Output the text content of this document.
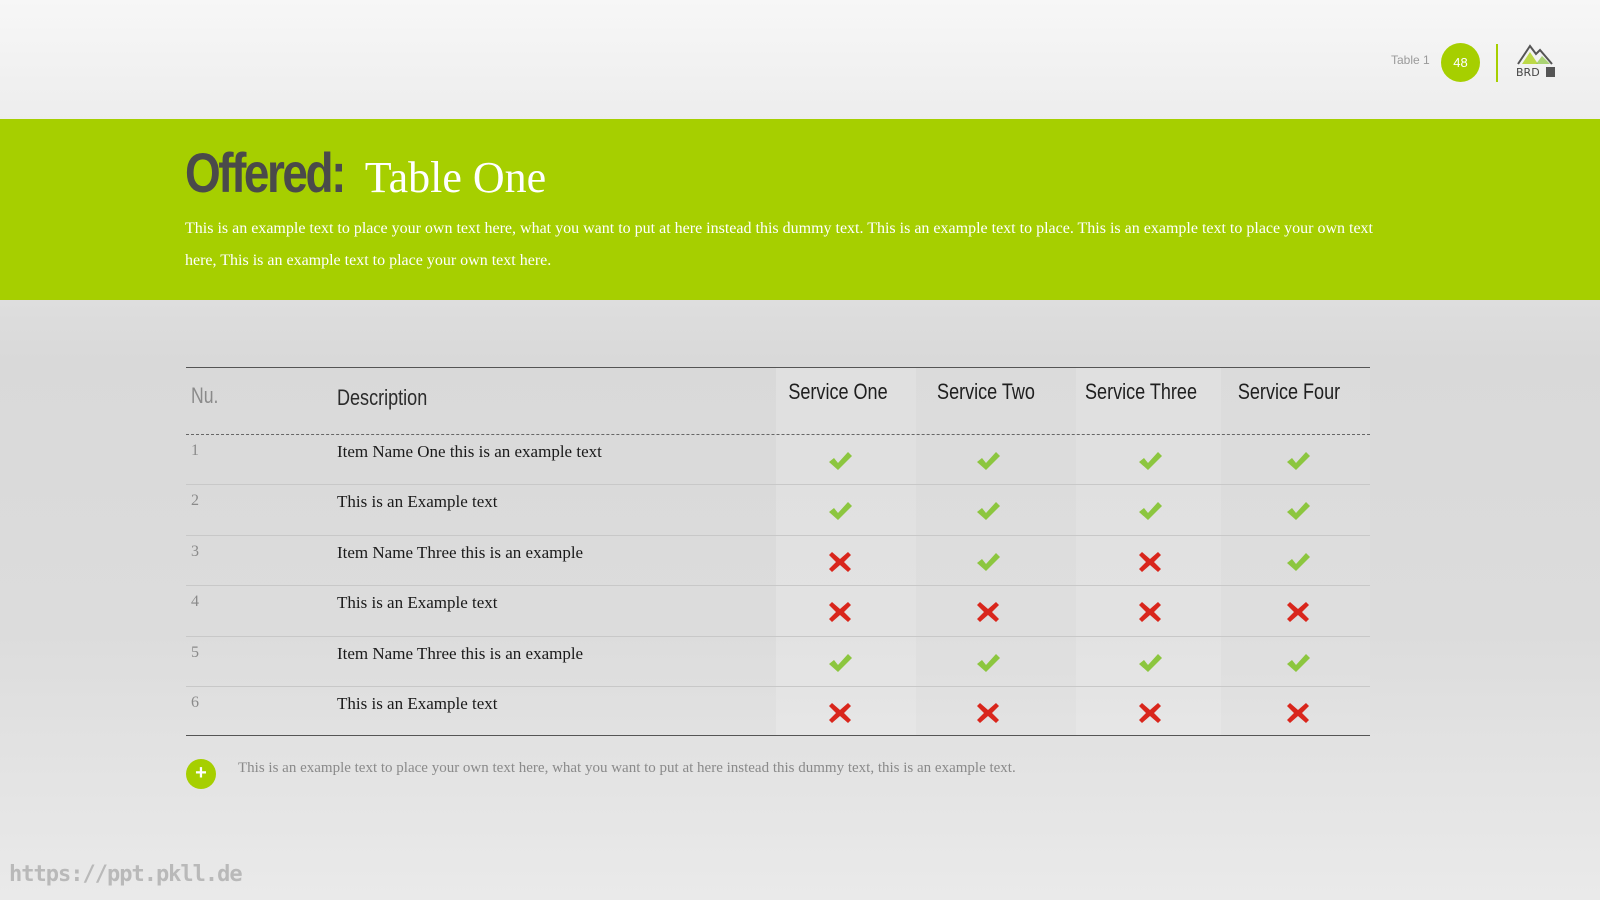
Table 1	48
BRD
Offered: Table One
This is an example text to place your own text here, what you want to put at here instead this dummy text. This is an example text to place. This is an example text to place your own text here, This is an example text to place your own text here.
Nu.	Description	Service One	Service Two	Service Three	Service Four
1	Item Name One this is an example text
2	This is an Example text
3	Item Name Three this is an example
4	This is an Example text
5	Item Name Three this is an example
6	This is an Example text
+	This is an example text to place your own text here, what you want to put at here instead this dummy text, this is an example text.
https://ppt.pkll.de
